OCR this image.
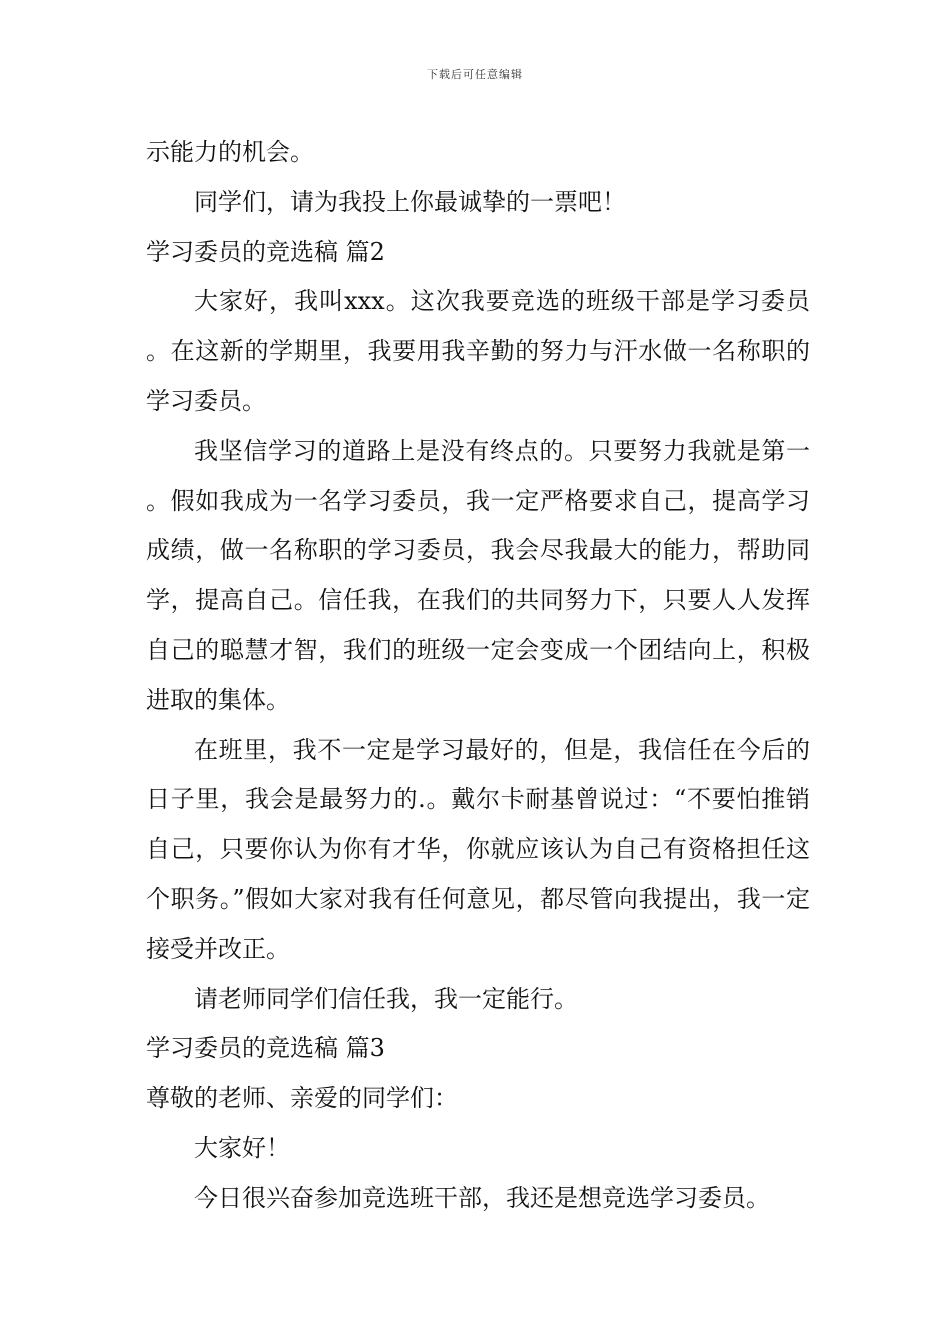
下载后可任意编辑

示能力的机会。

同学们，请为我投上你最诚挚的一票吧！

学习委员的竞选稿 篇2

大家好，我叫xxx。这次我要竞选的班级干部是学习委员。在这新的学期里，我要用我辛勤的努力与汗水做一名称职的学习委员。

我坚信学习的道路上是没有终点的。只要努力我就是第一。假如我成为一名学习委员，我一定严格要求自己，提高学习成绩，做一名称职的学习委员，我会尽我最大的能力，帮助同学，提高自己。信任我，在我们的共同努力下，只要人人发挥自己的聪慧才智，我们的班级一定会变成一个团结向上，积极进取的集体。

在班里，我不一定是学习最好的，但是，我信任在今后的日子里，我会是最努力的.。戴尔卡耐基曾说过：“不要怕推销自己，只要你认为你有才华，你就应该认为自己有资格担任这个职务。”假如大家对我有任何意见，都尽管向我提出，我一定接受并改正。

请老师同学们信任我，我一定能行。

学习委员的竞选稿 篇3

尊敬的老师、亲爱的同学们：

大家好！

今日很兴奋参加竞选班干部，我还是想竞选学习委员。
